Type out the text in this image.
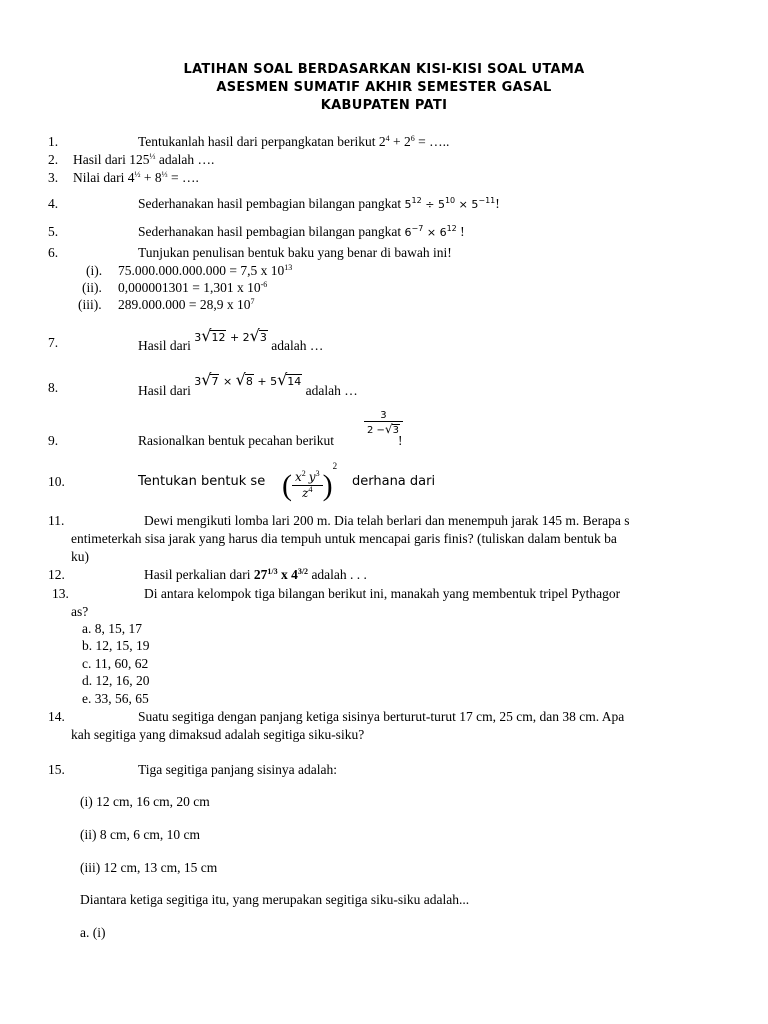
LATIHAN SOAL BERDASARKAN KISI-KISI SOAL UTAMA
ASESMEN SUMATIF AKHIR SEMESTER GASAL
KABUPATEN PATI
1.	Tentukanlah hasil dari perpangkatan berikut $2^4 + 2^6$ = …..
2. Hasil dari $125^{\frac{1}{3}}$ adalah ….
3. Nilai dari $4^{\frac{1}{2}} + 8^{\frac{1}{3}}$ = ….
4.	Sederhanakan hasil pembagian bilangan pangkat $5^{12} \div 5^{10} \times 5^{-11}$!
5.	Sederhanakan hasil pembagian bilangan pangkat $6^{-7} \times 6^{12}$ !
6.	Tunjukan penulisan bentuk baku yang benar di bawah ini!
(i). 75.000.000.000.000 = 7,5 x $10^{13}$
(ii). 0,000001301 = 1,301 x $10^{-6}$
(iii). 289.000.000 = 28,9 x $10^7$
7.	Hasil dari 3√12 + 2√3 adalah …
8.	Hasil dari 3√7 × √8 + 5√14 adalah …
9.	Rasionalkan bentuk pecahan berikut
$\frac{3}{2 -√3}$
!
10.	Tentukan bentuk se ( $\frac{x^2 y^3}{z^4} )^2$
derhana dari
11.	Dewi mengikuti lomba lari 200 m. Dia telah berlari dan menempuh jarak 145 m. Berapa s
entimeterkah sisa jarak yang harus dia tempuh untuk mencapai garis finis? (tuliskan dalam bentuk ba
ku)
12.	Hasil perkalian dari $27^{1/3}$ x $4^{3/2}$ adalah . . .
13.	Di antara kelompok tiga bilangan berikut ini, manakah yang membentuk tripel Pythagor
as?
a. 8, 15, 17
b. 12, 15, 19
c. 11, 60, 62
d. 12, 16, 20
e. 33, 56, 65
14.	Suatu segitiga dengan panjang ketiga sisinya berturut-turut 17 cm, 25 cm, dan 38 cm. Apa
kah segitiga yang dimaksud adalah segitiga siku-siku?
15.	Tiga segitiga panjang sisinya adalah:
(i) 12 cm, 16 cm, 20 cm
(ii) 8 cm, 6 cm, 10 cm
(iii) 12 cm, 13 cm, 15 cm
Diantara ketiga segitiga itu, yang merupakan segitiga siku-siku adalah...
a. (i)
